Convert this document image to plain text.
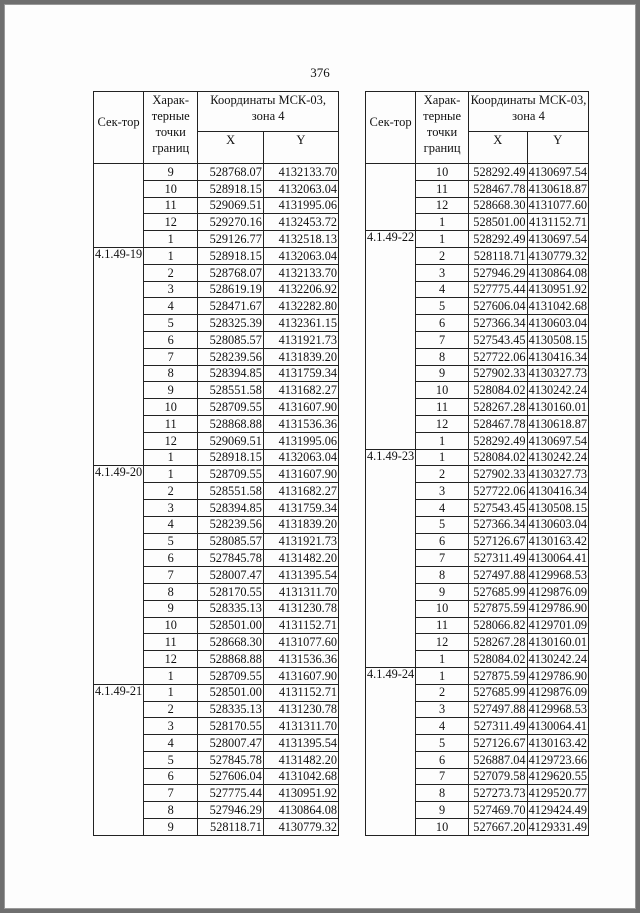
376
Сек-тор	Харак-терные точки границ	Координаты МСК-03, зона 4	
		X	Y
	9	528768.07	4132133.70
	10	528918.15	4132063.04
	11	529069.51	4131995.06
	12	529270.16	4132453.72
	1	529126.77	4132518.13
4.1.49-19	1	528918.15	4132063.04
	2	528768.07	4132133.70
	3	528619.19	4132206.92
	4	528471.67	4132282.80
	5	528325.39	4132361.15
	6	528085.57	4131921.73
	7	528239.56	4131839.20
	8	528394.85	4131759.34
	9	528551.58	4131682.27
	10	528709.55	4131607.90
	11	528868.88	4131536.36
	12	529069.51	4131995.06
	1	528918.15	4132063.04
4.1.49-20	1	528709.55	4131607.90
	2	528551.58	4131682.27
	3	528394.85	4131759.34
	4	528239.56	4131839.20
	5	528085.57	4131921.73
	6	527845.78	4131482.20
	7	528007.47	4131395.54
	8	528170.55	4131311.70
	9	528335.13	4131230.78
	10	528501.00	4131152.71
	11	528668.30	4131077.60
	12	528868.88	4131536.36
	1	528709.55	4131607.90
4.1.49-21	1	528501.00	4131152.71
	2	528335.13	4131230.78
	3	528170.55	4131311.70
	4	528007.47	4131395.54
	5	527845.78	4131482.20
	6	527606.04	4131042.68
	7	527775.44	4130951.92
	8	527946.29	4130864.08
	9	528118.71	4130779.32
Сек-тор	Харак-терные точки границ	Координаты МСК-03, зона 4	
		X	Y
	10	528292.49	4130697.54
	11	528467.78	4130618.87
	12	528668.30	4131077.60
	1	528501.00	4131152.71
4.1.49-22	1	528292.49	4130697.54
	2	528118.71	4130779.32
	3	527946.29	4130864.08
	4	527775.44	4130951.92
	5	527606.04	4131042.68
	6	527366.34	4130603.04
	7	527543.45	4130508.15
	8	527722.06	4130416.34
	9	527902.33	4130327.73
	10	528084.02	4130242.24
	11	528267.28	4130160.01
	12	528467.78	4130618.87
	1	528292.49	4130697.54
4.1.49-23	1	528084.02	4130242.24
	2	527902.33	4130327.73
	3	527722.06	4130416.34
	4	527543.45	4130508.15
	5	527366.34	4130603.04
	6	527126.67	4130163.42
	7	527311.49	4130064.41
	8	527497.88	4129968.53
	9	527685.99	4129876.09
	10	527875.59	4129786.90
	11	528066.82	4129701.09
	12	528267.28	4130160.01
	1	528084.02	4130242.24
4.1.49-24	1	527875.59	4129786.90
	2	527685.99	4129876.09
	3	527497.88	4129968.53
	4	527311.49	4130064.41
	5	527126.67	4130163.42
	6	526887.04	4129723.66
	7	527079.58	4129620.55
	8	527273.73	4129520.77
	9	527469.70	4129424.49
	10	527667.20	4129331.49
